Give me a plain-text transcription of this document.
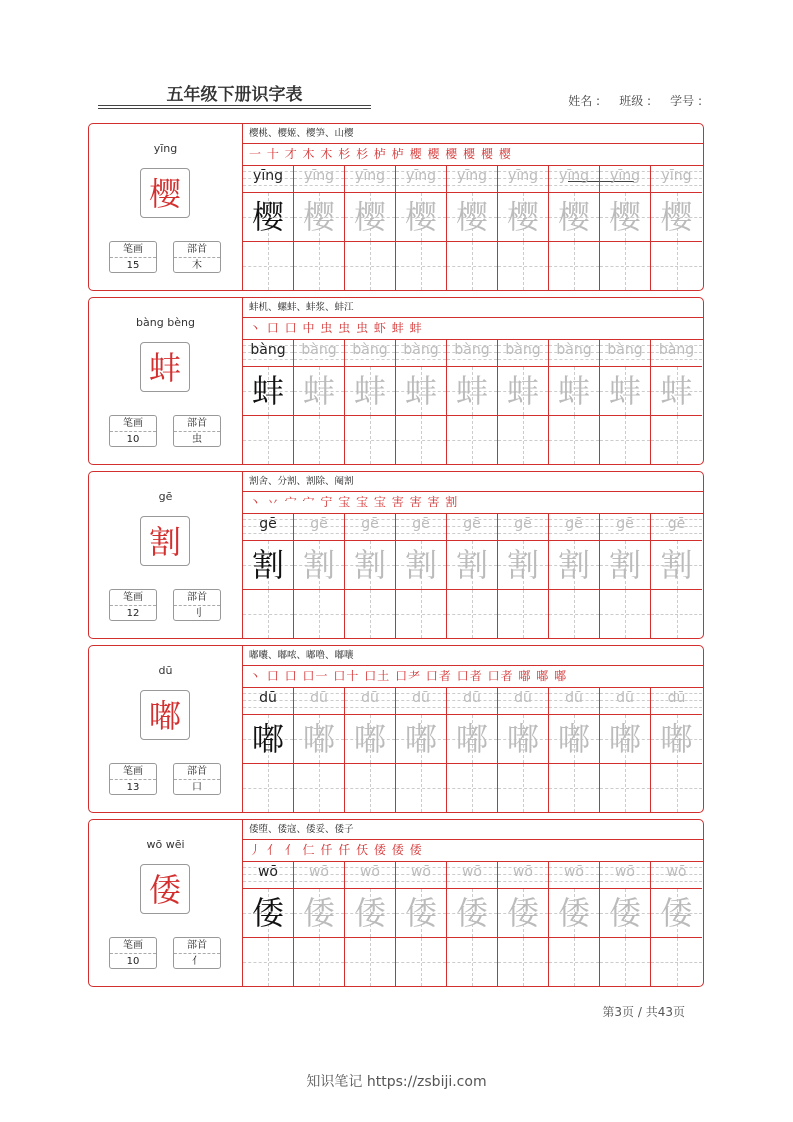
五年级下册识字表	姓名 : 班级 : 学号 :
yīng
樱
笔画
15
部首
木
樱桃、樱姬、樱笋、山樱
一 十 才 木 木 杉 杉 栌 栌 櫻 櫻 櫻 櫻 櫻 樱
yīng
樱
yīng
樱
yīng
樱
yīng
樱
yīng
樱
yīng
樱
yīng
樱
yīng
樱
yīng
樱
bàng bèng
蚌
笔画
10
部首
虫
蚌机、螺蚌、蚌浆、蚌江
丶 口 口 中 虫 虫 虫 虾 蚌 蚌
bàng
蚌
bàng
蚌
bàng
蚌
bàng
蚌
bàng
蚌
bàng
蚌
bàng
蚌
bàng
蚌
bàng
蚌
gē
割
笔画
12
部首
刂
割舍、分割、割除、阉割
丶 丷 宀 宀 宁 宝 宝 宝 害 害 害 割
gē
割
gē
割
gē
割
gē
割
gē
割
gē
割
gē
割
gē
割
gē
割
dū
嘟
笔画
13
部首
口
嘟囔、嘟哝、嘟噜、嘟嚷
丶 口 口 口一 口十 口土 口耂 口者 口者 口者 嘟 嘟 嘟
dū
嘟
dū
嘟
dū
嘟
dū
嘟
dū
嘟
dū
嘟
dū
嘟
dū
嘟
dū
嘟
wō wēi
倭
笔画
10
部首
亻
倭堕、倭寇、倭妥、倭子
丿 亻 亻 仁 仟 仟 仸 倭 倭 倭
wō
倭
wō
倭
wō
倭
wō
倭
wō
倭
wō
倭
wō
倭
wō
倭
wō
倭
第3页 / 共43页
知识笔记 https://zsbiji.com
